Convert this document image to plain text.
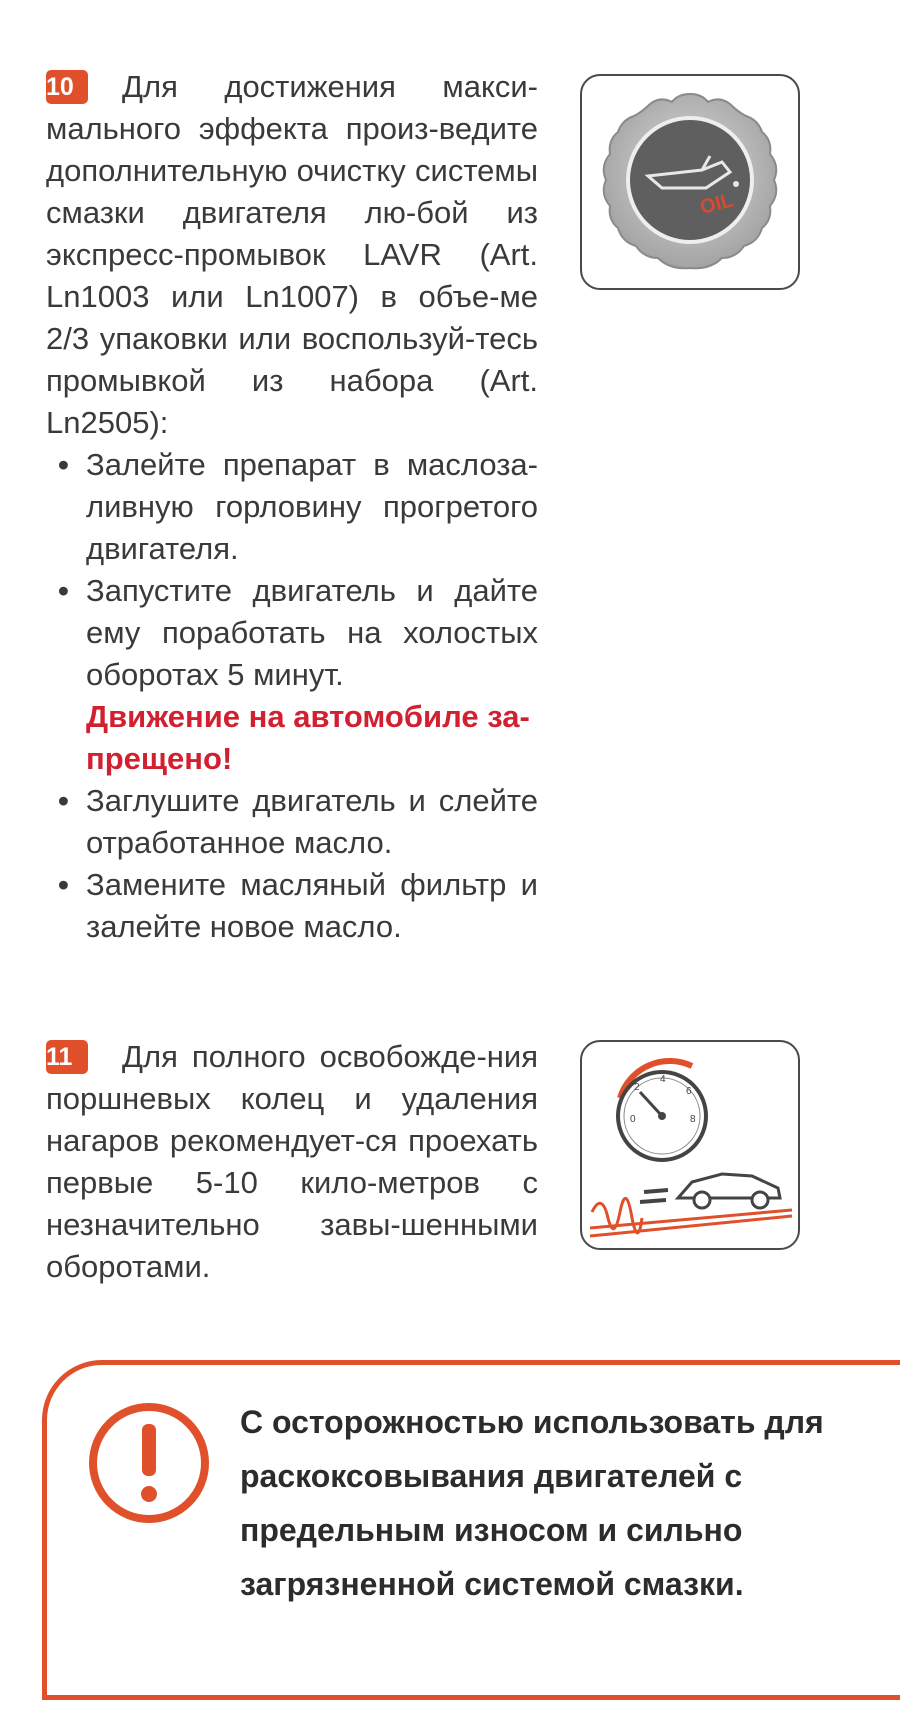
10	Для достижения макси-мального эффекта произ-ведите дополнительную очистку системы смазки двигателя лю-бой из экспресс-промывок LAVR (Art. Ln1003 или Ln1007) в объе-ме 2/3 упаковки или воспользуй-тесь промывкой из набора (Art. Ln2505):
• Залейте препарат в маслоза-ливную горловину прогретого двигателя.
• Запустите двигатель и дайте ему поработать на холостых оборотах 5 минут.
Движение на автомобиле за-прещено!
• Заглушите двигатель и слейте отработанное масло.
• Замените масляный фильтр и залейте новое масло.
OIL
11	Для полного освобожде-ния поршневых колец и удаления нагаров рекомендует-ся проехать первые 5-10 кило-метров с незначительно завы-шенными оборотами.
2
4
6
8
0
С осторожностью использовать для раскоксовывания двигателей с предельным износом и сильно загрязненной системой смазки.
